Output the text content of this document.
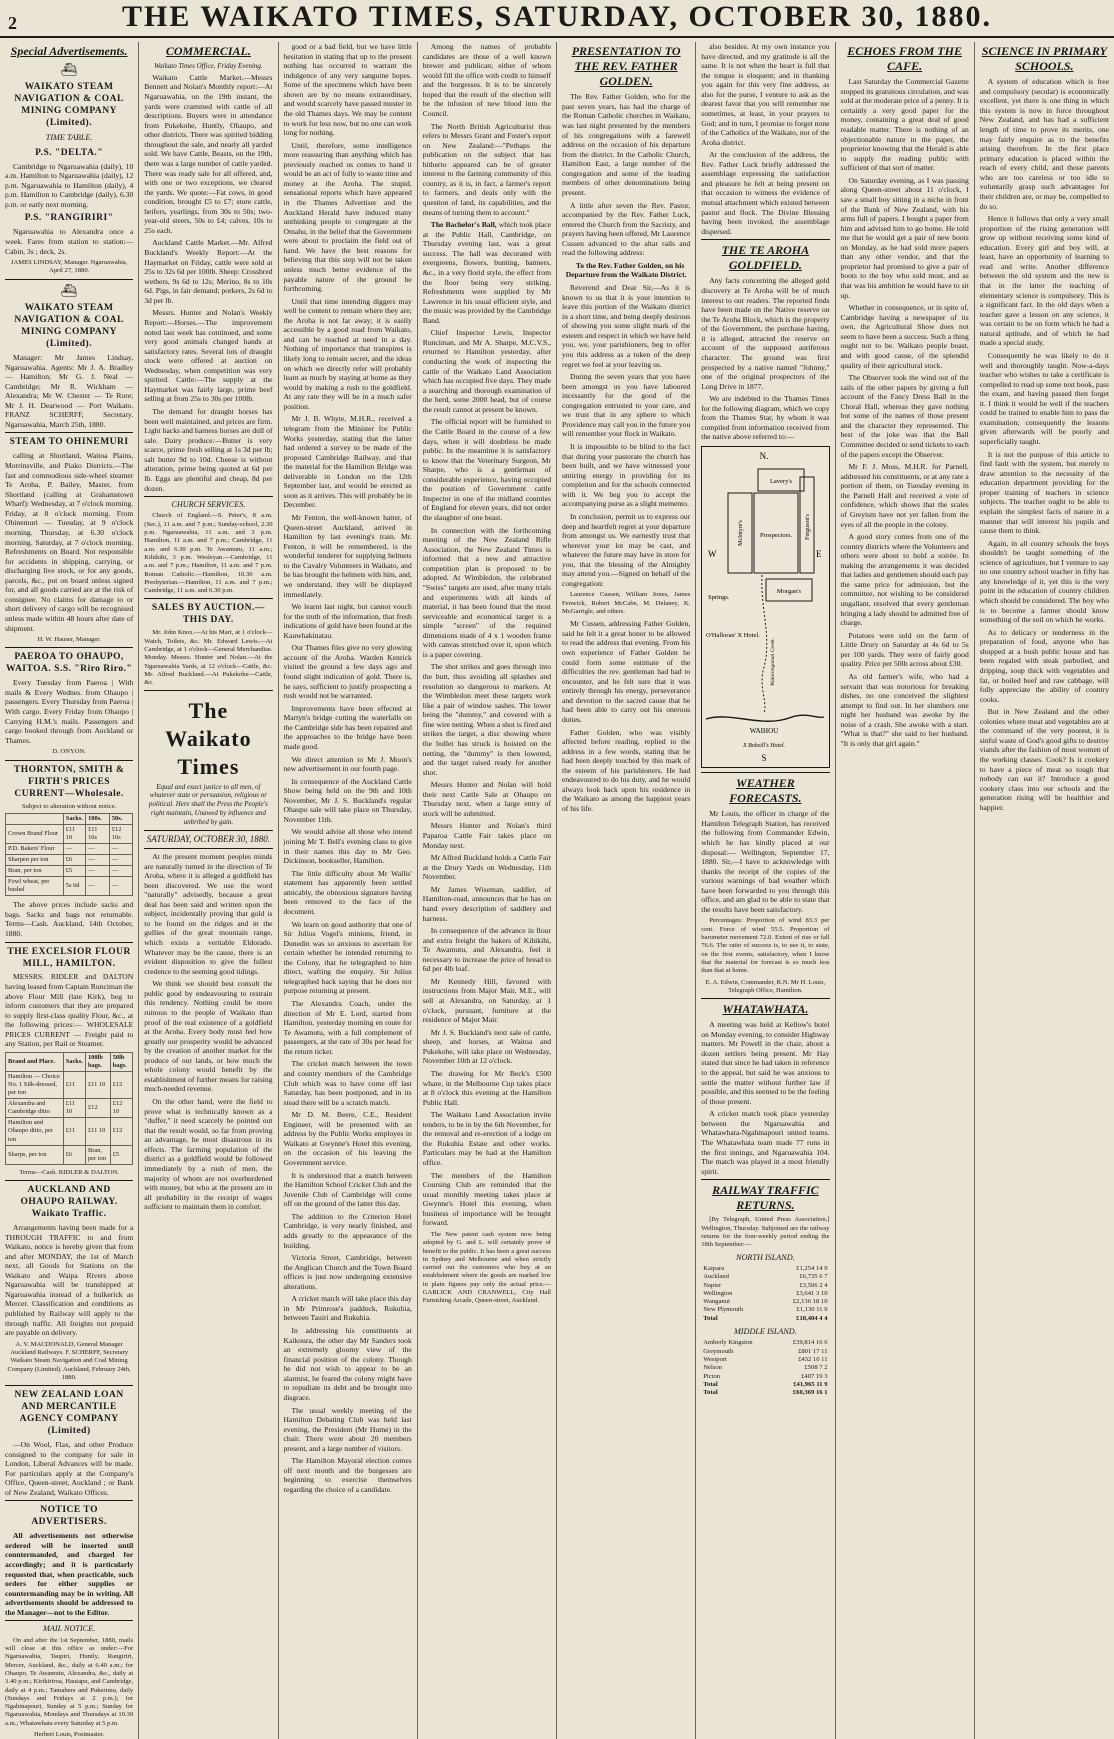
2	THE WAIKATO TIMES, SATURDAY, OCTOBER 30, 1880.
Special Advertisements.
⛴
WAIKATO STEAM NAVIGATION & COAL MINING COMPANY (Limited).
TIME TABLE.
P.S. "DELTA."

Cambridge to Ngaruawahia (daily), 10 a.m. Hamilton to Ngaruawahia (daily), 12 p.m. Ngaruawahia to Hamilton (daily), 4 p.m. Hamilton to Cambridge (daily), 6.30 p.m. or early next morning.

P.S. "RANGIRIRI"

Ngaruawahia to Alexandra once a week. Fares from station to station:—Cabin, 3s ; deck, 2s.

JAMES LINDSAY, Manager. Ngaruawahia, April 27, 1880.
⛴
WAIKATO STEAM NAVIGATION & COAL MINING COMPANY (Limited).

Manager: Mr James Lindsay, Ngaruawahia. Agents: Mr J. A. Bradley — Hamilton; Mr G. J. Neal — Cambridge; Mr R. Wickham — Alexandra; Mr W. Chester — Te Rore; Mr J. H. Dearwood — Port Waikato. FRANZ SCHERFF, Secretary. Ngaruawahia, March 25th, 1880.

STEAM TO OHINEMURI

calling at Shortland, Waitoa Plains, Morrinsville, and Piako Districts.—The fast and commodious side-wheel steamer Te Aroha, P. Bailey, Master, from Shortland (calling at Grahamstown Wharf): Wednesday, at 7 o'clock morning. Friday, at 8 o'clock morning. From Ohinemuri — Tuesday, at 9 o'clock morning. Thursday, at 6.30 o'clock morning. Saturday, at 7 o'clock morning. Refreshments on Board. Not responsible for accidents in shipping, carrying, or discharging live stock, or for any goods, parcels, &c., put on board unless signed for, and all goods carried are at the risk of consignee. No claims for damage to or short delivery of cargo will be recognised unless made within 48 hours after date of shipment.

H. W. Hauser, Manager.
PAEROA TO OHAUPO, WAITOA. S.S. "Riro Riro."

Every Tuesday from Paeroa | With mails & Every Wednes. from Ohaupo | passengers. Every Thursday from Paeroa | With cargo. Every Friday from Ohaupo | Carrying H.M.'s mails. Passengers and cargo booked through from Auckland or Thames.

D. ONYON.
THORNTON, SMITH & FIRTH'S PRICES CURRENT—Wholesale.
Subject to alteration without notice.
	Sacks.	100s.	50s.
Crown Brand Flour	£11 10	£11 10s	£12 10s
P.D. Bakers' Flour	—	—	—
Sharpen per ton	£6	—	—
Bran, per ton	£5	—	—
Fowl wheat, per bushel	5s 6d	—	—

The above prices include sacks and bags. Sacks and bags not returnable. Terms—Cash. Auckland, 14th October, 1880.

THE EXCELSIOR FLOUR MILL, HAMILTON.

MESSRS. RIDLER and DALTON having leased from Captain Runciman the above Flour Mill (late Kirk), beg to inform customers that they are prepared to supply first-class quality Flour, &c., at the following prices:— WHOLESALE PRICES CURRENT — Freight paid to any Station, per Rail or Steamer.

Brand and Place.	Sacks.	100lb bags.	50lb bags.
Hamilton — Choice No. 1 Silk-dressed, per ton	£11	£11 10	£12
Alexandra and Cambridge ditto	£11 10	£12	£12 10
Hamilton and Ohaupo ditto, per ton	£11	£11 10	£12
Sharps, per ton	£6	Bran, per ton	£5
Terms—Cash. RIDLER & DALTON.
AUCKLAND AND OHAUPO RAILWAY. Waikato Traffic.

Arrangements having been made for a THROUGH TRAFFIC to and from Waikato, notice is hereby given that from and after MONDAY, the 1st of March next, all Goods for Stations on the Waikato and Waipa Rivers above Ngaruawahia will be transhipped at Ngaruawahia instead of a hulkerick as Mercer. Classification and conditions as published by Railway will apply to the through traffic. All freights not prepaid are payable on delivery.

A. V. MACDONALD, General Manager Auckland Railways. F. SCHERFF, Secretary Waikato Steam Navigation and Coal Mining Company (Limited). Auckland, February 24th, 1880.
NEW ZEALAND LOAN AND MERCANTILE AGENCY COMPANY (Limited)

—On Wool, Flax, and other Produce consigned to the company for sale in London, Liberal Advances will be made. For particulars apply at the Company's Office, Queen-street, Auckland ; or Bank of New Zealand, Waikato Offices.

NOTICE TO ADVERTISERS.

All advertisements not otherwise ordered will be inserted until countermanded, and charged for accordingly; and it is particularly requested that, when practicable, such orders for either supplies or countermanding may be in writing. All advertisements should be addressed to the Manager—not to the Editor.

MAIL NOTICE.

On and after the 1st September, 1880, mails will close at this office as under:—For Ngaruawahia, Taupiri, Huntly, Rangiriri, Mercer, Auckland, &c., daily at 6.40 a.m.; for Ohaupo, Te Awamutu, Alexandra, &c., daily at 3.40 p.m.; Kirikiriroa, Hautapu, and Cambridge, daily at 4 p.m.; Tamahere and Pukerimu, daily (Sundays and Fridays at 2 p.m.); for Ngahinapouri, Sunday at 5 p.m.; Sunday for Ngaruawahia, Mondays and Thursdays at 10.30 a.m.; Whatawhata every Saturday at 5 p.m.

Herbert Louis, Postmaster.
COMMERCIAL.
Waikato Times Office, Friday Evening.

Waikato Cattle Market.—Messrs Bennett and Nolan's Monthly report:—At Ngaruawahia, on the 19th instant, the yards were crammed with cattle of all descriptions. Buyers were in attendance from Pukekohe, Huntly, Ohaupo, and other districts. There was spirited bidding throughout the sale, and nearly all yarded sold. We have Cattle, Beasts, on the 19th, there was a large number of cattle yarded. There was ready sale for all offered, and, with one or two exceptions, we cleared the yards. We quote:—Fat cows, in good condition, brought £5 to £7; store cattle, heifers, yearlings, from 30s to 50s; two-year-old steers, 50s to £4; calves, 10s to 25s each.

Auckland Cattle Market.—Mr. Alfred Buckland's Weekly Report:—At the Haymarket on Friday, cattle were sold at 25s to 32s 6d per 100lb. Sheep: Crossbred wethers, 9s 6d to 12s; Merino, 8s to 10s 6d. Pigs, in fair demand; porkers, 2s 6d to 3d per lb.

Messrs. Hunter and Nolan's Weekly Report:—Horses.—The improvement noted last week has continued, and some very good animals changed hands at satisfactory rates. Several lots of draught stock were offered at auction on Wednesday, when competition was very spirited. Cattle:—The supply at the Haymarket was fairly large, prime beef selling at from 25s to 30s per 100lb.

The demand for draught horses has been well maintained, and prices are firm. Light hacks and harness horses are dull of sale. Dairy produce:—Butter is very scarce, prime fresh selling at 1s 3d per lb; salt butter 9d to 10d. Cheese is without alteration, prime being quoted at 6d per lb. Eggs are plentiful and cheap, 8d per dozen.

CHURCH SERVICES.

Church of England.—S. Peter's, 8 a.m. (Sec.), 11 a.m. and 7 p.m.; Sunday-school, 2.30 p.m. Ngaruawahia, 11 a.m. and 3 p.m. Hamilton, 11 a.m. and 7 p.m.; Cambridge, 11 a.m. and 6.30 p.m. Te Awamutu, 11 a.m.; Kihikihi, 3 p.m. Wesleyan.—Cambridge, 11 a.m. and 7 p.m.; Hamilton, 11 a.m. and 7 p.m. Roman Catholic.—Hamilton, 10.30 a.m. Presbyterian.—Hamilton, 11 a.m. and 7 p.m.; Cambridge, 11 a.m. and 6.30 p.m.

SALES BY AUCTION.—THIS DAY.

Mr. John Knox.—At his Mart, at 1 o'clock—Watch, Toilets, &c. Mr. Edward Lewis.—At Cambridge, at 1 o'clock—General Merchandise. Monday. Messrs. Hunter and Nolan.—At the Ngaruawahia Yards, at 12 o'clock—Cattle, &c. Mr. Alfred Buckland.—At Pukekohe—Cattle, &c.

The Waikato Times
Equal and exact justice to all men, of whatever state or persuasion, religious or political. Here shall the Press the People's right maintain, Unawed by influence and unbribed by gain.
SATURDAY, OCTOBER 30, 1880.

At the present moment peoples minds are naturally turned in the direction of Te Aroha, where it is alleged a goldfield has been discovered. We use the word "naturally" advisedly, because a great deal has been said and written upon the subject, incidentally proving that gold is to be found on the ridges and in the gullies of the great mountain range, which exists a veritable Eldorado. Whatever may be the cause, there is an evident disposition to give the fullest credence to the seeming good tidings.

We think we should best consult the public good by endeavouring to restrain this tendency. Nothing could be more ruinous to the people of Waikato than proof of the real existence of a goldfield at the Aroha. Every body must feel how greatly our prosperity would be advanced by the creation of another market for the produce of our lands, or how much the whole colony would benefit by the establishment of further means for raising much-needed revenue.

On the other hand, were the field to prove what is technically known as a "duffer," it need scarcely be pointed out that the result would, so far from proving an advantage, be most disastrous in its effects. The farming population of the district as a goldfield would be followed immediately by a rush of men, the majority of whom are not overburdened with money, but who at the present are in all probability in the receipt of wages sufficient to maintain them in comfort.

good or a bad field, but we have little hesitation in stating that up to the present nothing has occurred to warrant the indulgence of any very sanguine hopes. Some of the specimens which have been shown are by no means extraordinary, and would scarcely have passed muster in the old Thames days. We may be content to work for less now, but no one can work long for nothing.

Until, therefore, some intelligence more reassuring than anything which has previously reached us comes to hand it would be an act of folly to waste time and money at the Aroha. The stupid, sensational reports which have appeared in the Thames Advertiser and the Auckland Herald have induced many unthinking people to congregate at the Omahu, in the belief that the Government were about to proclaim the field out of hand. We have the best reasons for believing that this step will not be taken unless much better evidence of the payable nature of the ground be forthcoming.

Until that time intending diggers may well be content to remain where they are; the Aroha is not far away; it is easily accessible by a good road from Waikato, and can be reached at need in a day. Nothing of importance that transpires is likely long to remain secret, and the ideas on which we directly refer will probably learn as much by staying at home as they would by making a rush to the goldfield. At any rate they will be in a much safer position.

Mr J. B. Whyte, M.H.R., received a telegram from the Minister for Public Works yesterday, stating that the latter had ordered a survey to be made of the proposed Cambridge Railway, and that the material for the Hamilton Bridge was deliverable in London on the 12th September last, and would be erected as soon as it arrives. This will probably be in December.

Mr Fenton, the well-known hatter, of Queen-street Auckland, arrived in Hamilton by last evening's train. Mr. Fenton, it will be remembered, is the wonderful tenderer for supplying helmets to the Cavalry Volunteers in Waikato, and he has brought the helmets with him, and, we understand, they will be displayed immediately.

We learnt last night, but cannot vouch for the truth of the information, that fresh indications of gold have been found at the Kauwhakinatau.

Our Thames files give no very glowing account of the Aroha. Warden Kenrick visited the ground a few days ago and found slight indication of gold. There is, he says, sufficient to justify prospecting a rush would not be warranted.

Improvements have been effected at Martyn's bridge cutting the waterfalls on the Cambridge side has been repaired and the approaches to the bridge have been made good.

We direct attention to Mr J. Moon's new advertisement in our fourth page.

In consequence of the Auckland Cattle Show being held on the 9th and 10th November, Mr J. S. Buckland's regular Ohaupo sale will take place on Thursday, November 11th.

We would advise all those who intend joining Mr T. Bell's evening class to give in their names this day to Mr Geo. Dickinson, bookseller, Hamilton.

The little difficulty about Mr Wallis' statement has apparently been settled amicably, the obnoxious signature having been removed to the face of the document.

We learn on good authority that one of Sir Julius Vogel's minions, friend, in Dunedin was so anxious to ascertain for certain whether he intended returning to the Colony, that he telegraphed to him direct, wafting the enquiry. Sir Julius telegraphed back saying that he does not purpose returning at present.

The Alexandra Coach, under the direction of Mr E. Lord, started from Hamilton, yesterday morning en route for Te Awamutu, with a full complement of passengers, at the rate of 30s per head for the return ticket.

The cricket match between the town and country members of the Cambridge Club which was to have come off last Saturday, has been postponed, and in its stead there will be a scratch match.

Mr D. M. Beere, C.E., Resident Engineer, will be presented with an address by the Public Works employes in Waikato at Gwynne's Hotel this evening, on the occasion of his leaving the Government service.

It is understood that a match between the Hamilton School Cricket Club and the Juvenile Club of Cambridge will come off on the ground of the latter this day.

The addition to the Criterion Hotel Cambridge, is very nearly finished, and adds greatly to the appearance of the building.

Victoria Street, Cambridge, between the Anglican Church and the Town Board offices is just now undergoing extensive alterations.

A cricket match will take place this day in Mr Primrose's paddock, Rukuhia, between Tauiri and Rukuhia.

In addressing his constituents at Kaikoura, the other day Mr Sanders took an extremely gloomy view of the financial position of the colony. Though he did not wish to appear to be an alarmist, he feared the colony might have to repudiate its debt and be brought into disgrace.

The usual weekly meeting of the Hamilton Debating Club was held last evening, the President (Mr Hume) in the chair. There were about 20 members present, and a large number of visitors.

The Hamilton Mayoral election comes off next month and the burgesses are beginning to exercise themselves regarding the choice of a candidate.

Among the names of probable candidates are those of a well known brewer and publican; either of whom would fill the office with credit to himself and the burgesses. It is to be sincerely hoped that the result of the election will be the infusion of new blood into the Council.

The North British Agriculturist thus refers to Messrs Grant and Foster's report on New Zealand:—"Perhaps the publication on the subject that has hitherto appeared can be of greater interest to the farming community of this country, as it is, in fact, a farmer's report to farmers, and deals only with the question of land, its capabilities, and the means of turning them to account."

The Bachelor's Ball, which took place at the Public Hall, Cambridge, on Thursday evening last, was a great success. The hall was decorated with evergreens, flowers, bunting, banners, &c., in a very florid style, the effect from the floor being very striking. Refreshments were supplied by Mr Lawrence in his usual efficient style, and the music was provided by the Cambridge Band.

Chief Inspector Lewis, Inspector Runciman, and Mr A. Sharpe, M.C.V.S., returned to Hamilton yesterday, after conducting the work of inspecting the cattle of the Waikato Land Association which has occupied five days. They made a searching and thorough examination of the herd, some 2000 head, but of course the result cannot at present be known.

The official report will be furnished to the Cattle Board in the course of a few days, when it will doubtless be made public. In the meantime it is satisfactory to know that the Veterinary Surgeon, Mr Sharpe, who is a gentleman of considerable experience, having occupied the position of Government cattle Inspector in one of the midland counties of England for eleven years, did not order the slaughter of one beast.

In connection with the forthcoming meeting of the New Zealand Rifle Association, the New Zealand Times is informed that a new and attractive competition plan is proposed to be adopted. At Wimbledon, the celebrated "Swiss" targets are used, after many trials and experiments with all kinds of material, it has been found that the most serviceable and economical target is a simple "screen" of the required dimensions made of 4 x 1 wooden frame with canvas stretched over it, upon which is a paper covering.

The shot strikes and goes through into the butt, thus avoiding all splashes and resolution so dangerous to markers. At the Wimbledon meet these targets work like a pair of window sashes. The lower being the "dummy," and covered with a fine wire netting. When a shot is fired and strikes the target, a disc showing where the bullet has struck is hoisted on the netting, the "dummy" is then lowered, and the target raised ready for another shot.

Messrs Hunter and Nolan will hold their next Cattle Sale at Ohaupo on Thursday next, when a large entry of stock will be submitted.

Messrs Hunter and Nolan's third Paparoa Cattle Fair takes place on Monday next.

Mr Alfred Buckland holds a Cattle Fair at the Drury Yards on Wednesday, 11th November.

Mr James Wiseman, saddler, of Hamilton-road, announces that he has on hand every description of saddlery and harness.

In consequence of the advance in flour and extra freight the bakers of Kihikihi, Te Awamutu, and Alexandra, feel it necessary to increase the price of bread to 6d per 4lb loaf.

Mr Kennedy Hill, favored with instructions from Major Mair, M.E., will sell at Alexandra, on Saturday, at 1 o'clock, pursuant, furniture at the residence of Major Mair.

Mr J. S. Buckland's next sale of cattle, sheep, and horses, at Waitoa and Pukekohe, will take place on Wednesday, November 10th at 12 o'clock.

The drawing for Mr Beck's £500 whare, in the Melbourne Cup takes place at 8 o'clock this evening at the Hamilton Public Hall.

The Waikato Land Association invite tenders, to be in by the 6th November, for the removal and re-erection of a lodge on the Rukuhia Estate and other works. Particulars may be had at the Hamilton office.

The members of the Hamilton Coursing Club are reminded that the usual monthly meeting takes place at Gwynne's Hotel this evening, when business of importance will be brought forward.

The New patent cash system now being adopted by G. and L. will certainly prove of benefit to the public. It has been a great success in Sydney and Melbourne and when strictly carried out the customers who buy at an establishment where the goods are marked low in plain figures pay only the actual price.—GARLICK AND CRANWELL, City Hall Furnishing Arcade, Queen-street, Auckland.

PRESENTATION TO THE REV. FATHER GOLDEN.

The Rev. Father Golden, who for the past seven years, has had the charge of the Roman Catholic churches in Waikato, was last night presented by the members of his congregations with a farewell address on the occasion of his departure from the district. In the Catholic Church, Hamilton East, a large number of the congregation and some of the leading members of other denominations being present.

A little after seven the Rev. Pastor, accompanied by the Rev. Father Luck, entered the Church from the Sacristy, and prayers having been offered, Mr Laurence Cussen advanced to the altar rails and read the following address:

To the Rev. Father Golden, on his Departure from the Waikato District.

Reverend and Dear Sir,—As it is known to us that it is your intention to leave this portion of the Waikato district in a short time, and being deeply desirous of showing you some slight mark of the esteem and respect in which we have held you, we, your parishioners, beg to offer you this address as a token of the deep regret we feel at your leaving us.

During the seven years that you have been amongst us you have laboured incessantly for the good of the congregation entrusted to your care, and we trust that in any sphere to which Providence may call you in the future you will remember your flock in Waikato.

It is impossible to be blind to the fact that during your pastorate the church has been built, and we have witnessed your untiring energy in providing for its completion and for the schools connected with it. We beg you to accept the accompanying purse as a slight memento.

In conclusion, permit us to express our deep and heartfelt regret at your departure from amongst us. We earnestly trust that wherever your lot may be cast, and whatever the future may have in store for you, that the blessing of the Almighty may attend you.—Signed on behalf of the congregation:

Laurence Cussen, William Jones, James Fenwick, Robert McCabe, M. Delaney, K. McGarrigle, and others.

Mr Cussen, addressing Father Golden, said he felt it a great honor to be allowed to read the address that evening. From his own experience of Father Golden he could form some estimate of the difficulties the rev. gentleman had had to encounter, and he felt sure that it was entirely through his energy, perseverance and devotion to the sacred cause that he had been able to carry out his onerous duties.

Father Golden, who was visibly affected before reading, replied to the address in a few words, stating that he had been deeply touched by this mark of the esteem of his parishioners. He had endeavoured to do his duty, and he would always look back upon his residence in the Waikato as among the happiest years of his life.

also besides. At my own instance you have directed, and my gratitude is all the same. It is not when the heart is full that the tongue is eloquent; and in thanking you again for this very fine address, as also for the purse, I venture to ask as the dearest favor that you will remember me sometimes, at least, in your prayers to God; and in turn, I promise to forget none of the Catholics of the Waikato, nor of the Aroha district.

At the conclusion of the address, the Rev. Father Luck briefly addressed the assemblage expressing the satisfaction and pleasure he felt at being present on that occasion to witness the evidence of mutual attachment which existed between pastor and flock. The Divine Blessing having been invoked, the assemblage dispersed.

THE TE AROHA GOLDFIELD.

Any facts concerning the alleged gold discovery at Te Aroha will be of much interest to our readers. The reported finds have been made on the Native reserve on the Te Aroha Block, which is the property of the Government, the purchase having, it is alleged, attracted the reserve on account of the supposed auriferous character. The ground was first prospected by a native named "Johnny," one of the original prospectors of the Long Drive in 1877.

We are indebted to the Thames Times for the following diagram, which we copy from the Thames Star, by whom it was compiled from information received from the native above referred to:—

N.
W	E
Lavery's
McIntyre's Prospectors. Ferguson's
Morgan's
Springs.
Waiorongomai Creek.
O'Halloran' X Hotel.
WAIHOU
X Bobsill's Hotel.
S
WEATHER FORECASTS.

Mr Louis, the officer in charge of the Hamilton Telegraph Station, has received the following from Commander Edwin, which he has kindly placed at our disposal:— Wellington, September 17, 1880. Sir,—I have to acknowledge with thanks the receipt of the copies of the various warnings of bad weather which have been forwarded to you through this office, and am glad to be able to state that the results have been satisfactory.

Percentages: Proportion of wind 83.3 per cent. Force of wind 55.5. Proportion of barometer movement 72.0. Extent of rise or fall 76.6. The ratio of success is, to use it, to state, on the first events, satisfactory, when I know that the material for forecast is so much less than that at home.

E. A. Edwin, Commander, R.N. Mr H. Louis, Telegraph Office, Hamilton.
WHATAWHATA.

A meeting was held at Kellow's hotel on Monday evening, to consider Highway matters. Mr Powell in the chair, about a dozen settlers being present. Mr Hay stated that since he had taken in reference to the appeal, but said he was anxious to settle the matter without further law if possible, and this seemed to be the feeling of those present.

A cricket match took place yesterday between the Ngaruawahia and Whatawhata-Ngahinapouri united teams. The Whatawhata team made 77 runs in the first innings, and Ngaruawahia 104. The match was played in a most friendly spirit.

RAILWAY TRAFFIC RETURNS.

[By Telegraph, United Press Association.] Wellington, Thursday. Subjoined are the railway returns for the four-weekly period ending the 18th September:—

NORTH ISLAND.
Kaipara	£1,254 14 9
Auckland	£6,735 6 7
Napier	£3,506 2 4
Wellington	£3,641 3 10
Wanganui	£2,136 18 10
New Plymouth	£1,130 11 9
Total	£18,404 4 4
MIDDLE ISLAND.
Amberly Kingston	£39,814 16 6
Greymouth	£801 17 11
Westport	£432 10 11
Nelson	£508 7 2
Picton	£407 19 3
Total	£41,965 11 9
Total	£60,369 16 1
ECHOES FROM THE CAFE.

Last Saturday the Commercial Gazette stopped its gratuitous circulation, and was sold at the moderate price of a penny. It is certainly a very good paper for the money, containing a great deal of good readable matter. There is nothing of an objectionable nature in the paper, the proprietor knowing that the Herald is able to supply the reading public with sufficient of that sort of matter.

On Saturday evening, as I was passing along Queen-street about 11 o'clock, I saw a small boy sitting in a niche in front of the Bank of New Zealand, with his arms full of papers. I bought a paper from him and advised him to go home. He told me that he would get a pair of new boots on Monday, as he had sold more papers than any other vendor, and that the proprietor had promised to give a pair of boots to the boy who sold most, and as that was his ambition he would have to sit up.

Whether in consequence, or in spite of, Cambridge having a newspaper of its own, the Agricultural Show does not seem to have been a success. Such a thing ought not to be. Waikato people boast, and with good cause, of the splendid quality of their agricultural stock.

The Observer took the wind out of the sails of the other papers by giving a full account of the Fancy Dress Ball in the Choral Hall, whereas they gave nothing but some of the names of those present and the character they represented. The best of the joke was that the Ball Committee decided to send tickets to each of the papers except the Observer.

Mr F. J. Moss, M.H.R. for Parnell, addressed his constituents, or at any rate a portion of them, on Tuesday evening in the Parnell Hall and received a vote of confidence, which shows that the scales of Greyism have not yet fallen from the eyes of all the people in the colony.

A good story comes from one of the country districts where the Volunteers and others were about to hold a soirée. In making the arrangements it was decided that ladies and gentlemen should each pay the same price for admission, but the committee, not wishing to be considered ungallant, resolved that every gentleman bringing a lady should be admitted free of charge.

Potatoes were sold on the farm of Little Drury on Saturday at 4s 6d to 5s per 100 yards. They were of fairly good quality. Price per 50lb across about £30.

As old farmer's wife, who had a servant that was notorious for breaking dishes, no one conceived the slightest attempt to find out. In her slumbers one night her husband was awoke by the noise of a crash. She awoke with a start. "What is that?" she said to her husband. "It is only that girl again."

SCIENCE IN PRIMARY SCHOOLS.

A system of education which is free and compulsory (secular) is economically excellent, yet there is one thing in which this system is now in force throughout New Zealand, and has had a sufficient length of time to prove its merits, one may fairly enquire as to the benefits arising therefrom. In the first place primary education is placed within the reach of every child, and those parents who are too careless or too idle to voluntarily grasp such advantages for their children are, or may be, compelled to do so.

Hence it follows that only a very small proportion of the rising generation will grow up without receiving some kind of education. Every girl and boy will, at least, have an opportunity of learning to read and write. Another difference between the old system and the new is that in the latter the teaching of elementary science is compulsory. This is a significant fact. In the old days when a teacher gave a lesson on any science, it was certain to be on form which he had a natural aptitude, and of which he had made a special study.

Consequently he was likely to do it well and thoroughly taught. Now-a-days teacher who wishes to take a certificate is compelled to read up some text book, pass the exam, and having passed then forget it. I think it would be well if the teachers could be trained to enable him to pass the examination; consequently the lessons given afterwards will be poorly and superficially taught.

It is not the purpose of this article to find fault with the system, but merely to draw attention to the necessity of the education department providing for the proper training of teachers in science subjects. The teacher ought to be able to explain the simplest facts of nature in a manner that will interest his pupils and cause them to think.

Again, in all country schools the boys shouldn't be taught something of the science of agriculture, but I venture to say no one country school teacher in fifty has any knowledge of it, yet this is the very point in the education of country children which should be considered. The boy who is to become a farmer should know something of the soil on which he works.

As to delicacy or tenderness in the preparation of food, anyone who has shopped at a bush public house and has been regaled with steak parboiled, and dripping, soup thick with vegetables and fat, or boiled beef and raw cabbage, will fully appreciate the ability of country cooks.

But in New Zealand and the other colonies where meat and vegetables are at the command of the very poorest, it is sinful waste of God's good gifts to destroy viands after the fashion of most women of the working classes. Cook? Is it cookery to have a piece of meat so tough that nobody can eat it? Introduce a good cookery class into our schools and the generation rising will be healthier and happier.
